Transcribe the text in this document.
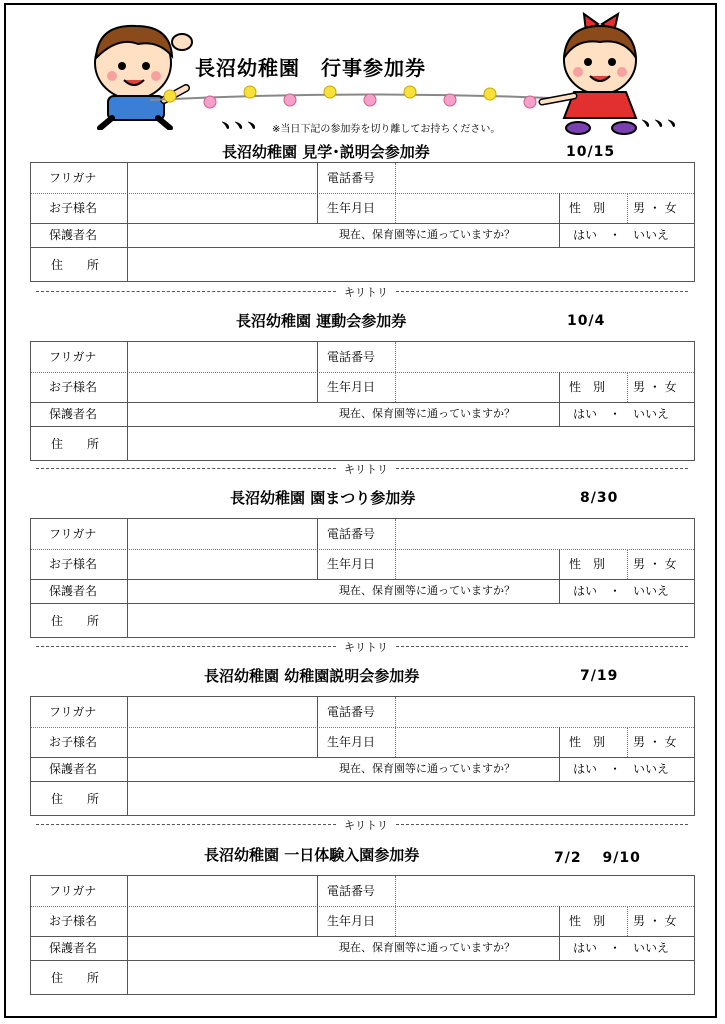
長沼幼稚園　行事参加券
﹅﹅﹅ ※当日下記の参加券を切り離してお持ちください。	﹅﹅﹅
長沼幼稚園 見学･説明会参加券	10/15
フリガナ	電話番号
お子様名	生年月日	性　別 男 ・ 女
保護者名	現在、保育園等に通っていますか？	はい　・　いいえ
住　　所
キリトリ
長沼幼稚園 運動会参加券	10/4
フリガナ	電話番号
お子様名	生年月日	性　別 男 ・ 女
保護者名	現在、保育園等に通っていますか？	はい　・　いいえ
住　　所
キリトリ
長沼幼稚園 園まつり参加券	8/30
フリガナ	電話番号
お子様名	生年月日	性　別 男 ・ 女
保護者名	現在、保育園等に通っていますか？	はい　・　いいえ
住　　所
キリトリ
長沼幼稚園 幼稚園説明会参加券	7/19
フリガナ	電話番号
お子様名	生年月日	性　別 男 ・ 女
保護者名	現在、保育園等に通っていますか？	はい　・　いいえ
住　　所
キリトリ
長沼幼稚園 一日体験入園参加券	7/2　 9/10
フリガナ	電話番号
お子様名	生年月日	性　別 男 ・ 女
保護者名	現在、保育園等に通っていますか？	はい　・　いいえ
住　　所
